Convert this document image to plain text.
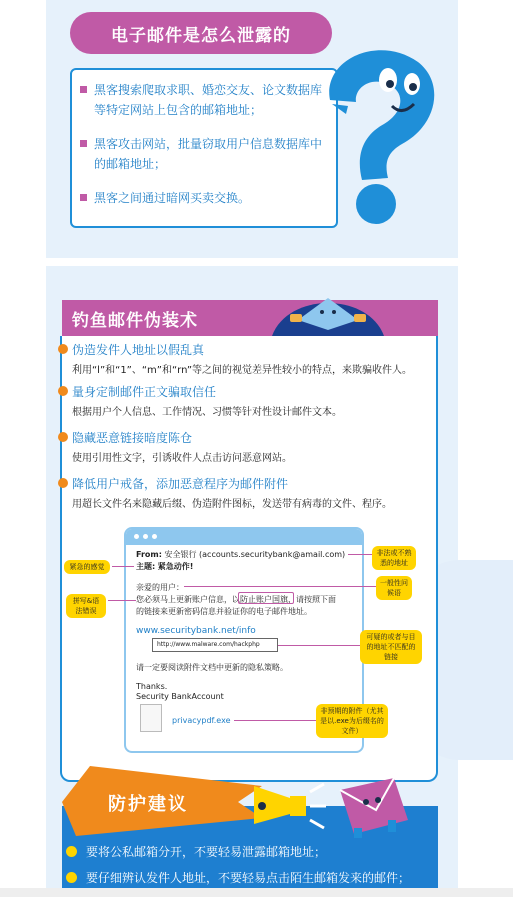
电子邮件是怎么泄露的
黑客搜索爬取求职、婚恋交友、论文数据库等特定网站上包含的邮箱地址；
黑客攻击网站，批量窃取用户信息数据库中的邮箱地址；
黑客之间通过暗网买卖交换。
钓鱼邮件伪装术
伪造发件人地址以假乱真
利用“l”和“1”、“m”和“rn”等之间的视觉差异性较小的特点，来欺骗收件人。
量身定制邮件正文骗取信任
根据用户个人信息、工作情况、习惯等针对性设计邮件文本。
隐藏恶意链接暗度陈仓
使用引用性文字，引诱收件人点击访问恶意网站。
降低用户戒备，添加恶意程序为邮件附件
用超长文件名来隐藏后缀、伪造附件图标，发送带有病毒的文件、程序。
From: 安全银行 (accounts.securitybank@amail.com)
主题: 紧急动作!
亲爱的用户：
您必须马上更新账户信息，以防止账户国旗，请按照下面
的链接来更新密码信息并验证你的电子邮件地址。
www.securitybank.net/info
http://www.malware.com/hackphp
请一定要阅读附件文档中更新的隐私策略。
Thanks.
Security BankAccount
privacypdf.exe
紧急的感觉
非法或不熟悉的地址
一般性问候语
拼写&语法错误
可疑的或者与目的地址不匹配的链接
非预期的附件（尤其是以.exe为后缀名的文件）
防护建议
要将公私邮箱分开，不要轻易泄露邮箱地址；
要仔细辨认发件人地址，不要轻易点击陌生邮箱发来的邮件；
